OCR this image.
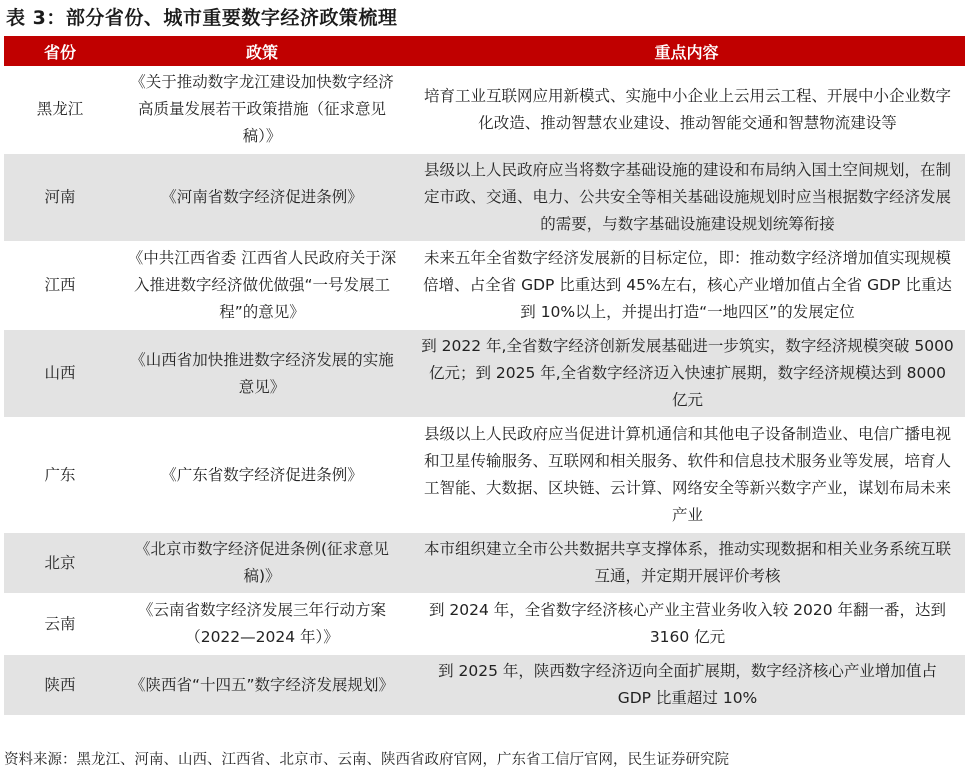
表 3：部分省份、城市重要数字经济政策梳理
省份	政策	重点内容
黑龙江	《关于推动数字龙江建设加快数字经济高质量发展若干政策措施（征求意见稿）》	培育工业互联网应用新模式、实施中小企业上云用云工程、开展中小企业数字化改造、推动智慧农业建设、推动智能交通和智慧物流建设等
河南	《河南省数字经济促进条例》	县级以上人民政府应当将数字基础设施的建设和布局纳入国土空间规划，在制定市政、交通、电力、公共安全等相关基础设施规划时应当根据数字经济发展的需要，与数字基础设施建设规划统筹衔接
江西	《中共江西省委 江西省人民政府关于深入推进数字经济做优做强“一号发展工程”的意见》	未来五年全省数字经济发展新的目标定位，即：推动数字经济增加值实现规模倍增、占全省 GDP 比重达到 45%左右，核心产业增加值占全省 GDP 比重达到 10%以上，并提出打造“一地四区”的发展定位
山西	《山西省加快推进数字经济发展的实施意见》	到 2022 年,全省数字经济创新发展基础进一步筑实，数字经济规模突破 5000 亿元；到 2025 年,全省数字经济迈入快速扩展期，数字经济规模达到 8000 亿元
广东	《广东省数字经济促进条例》	县级以上人民政府应当促进计算机通信和其他电子设备制造业、电信广播电视和卫星传输服务、互联网和相关服务、软件和信息技术服务业等发展，培育人工智能、大数据、区块链、云计算、网络安全等新兴数字产业，谋划布局未来产业
北京	《北京市数字经济促进条例(征求意见稿)》	本市组织建立全市公共数据共享支撑体系，推动实现数据和相关业务系统互联互通，并定期开展评价考核
云南	《云南省数字经济发展三年行动方案（2022—2024 年）》	到 2024 年，全省数字经济核心产业主营业务收入较 2020 年翻一番，达到 3160 亿元
陕西	《陕西省“十四五”数字经济发展规划》	到 2025 年，陕西数字经济迈向全面扩展期，数字经济核心产业增加值占 GDP 比重超过 10%
资料来源：黑龙江、河南、山西、江西省、北京市、云南、陕西省政府官网，广东省工信厅官网，民生证券研究院
